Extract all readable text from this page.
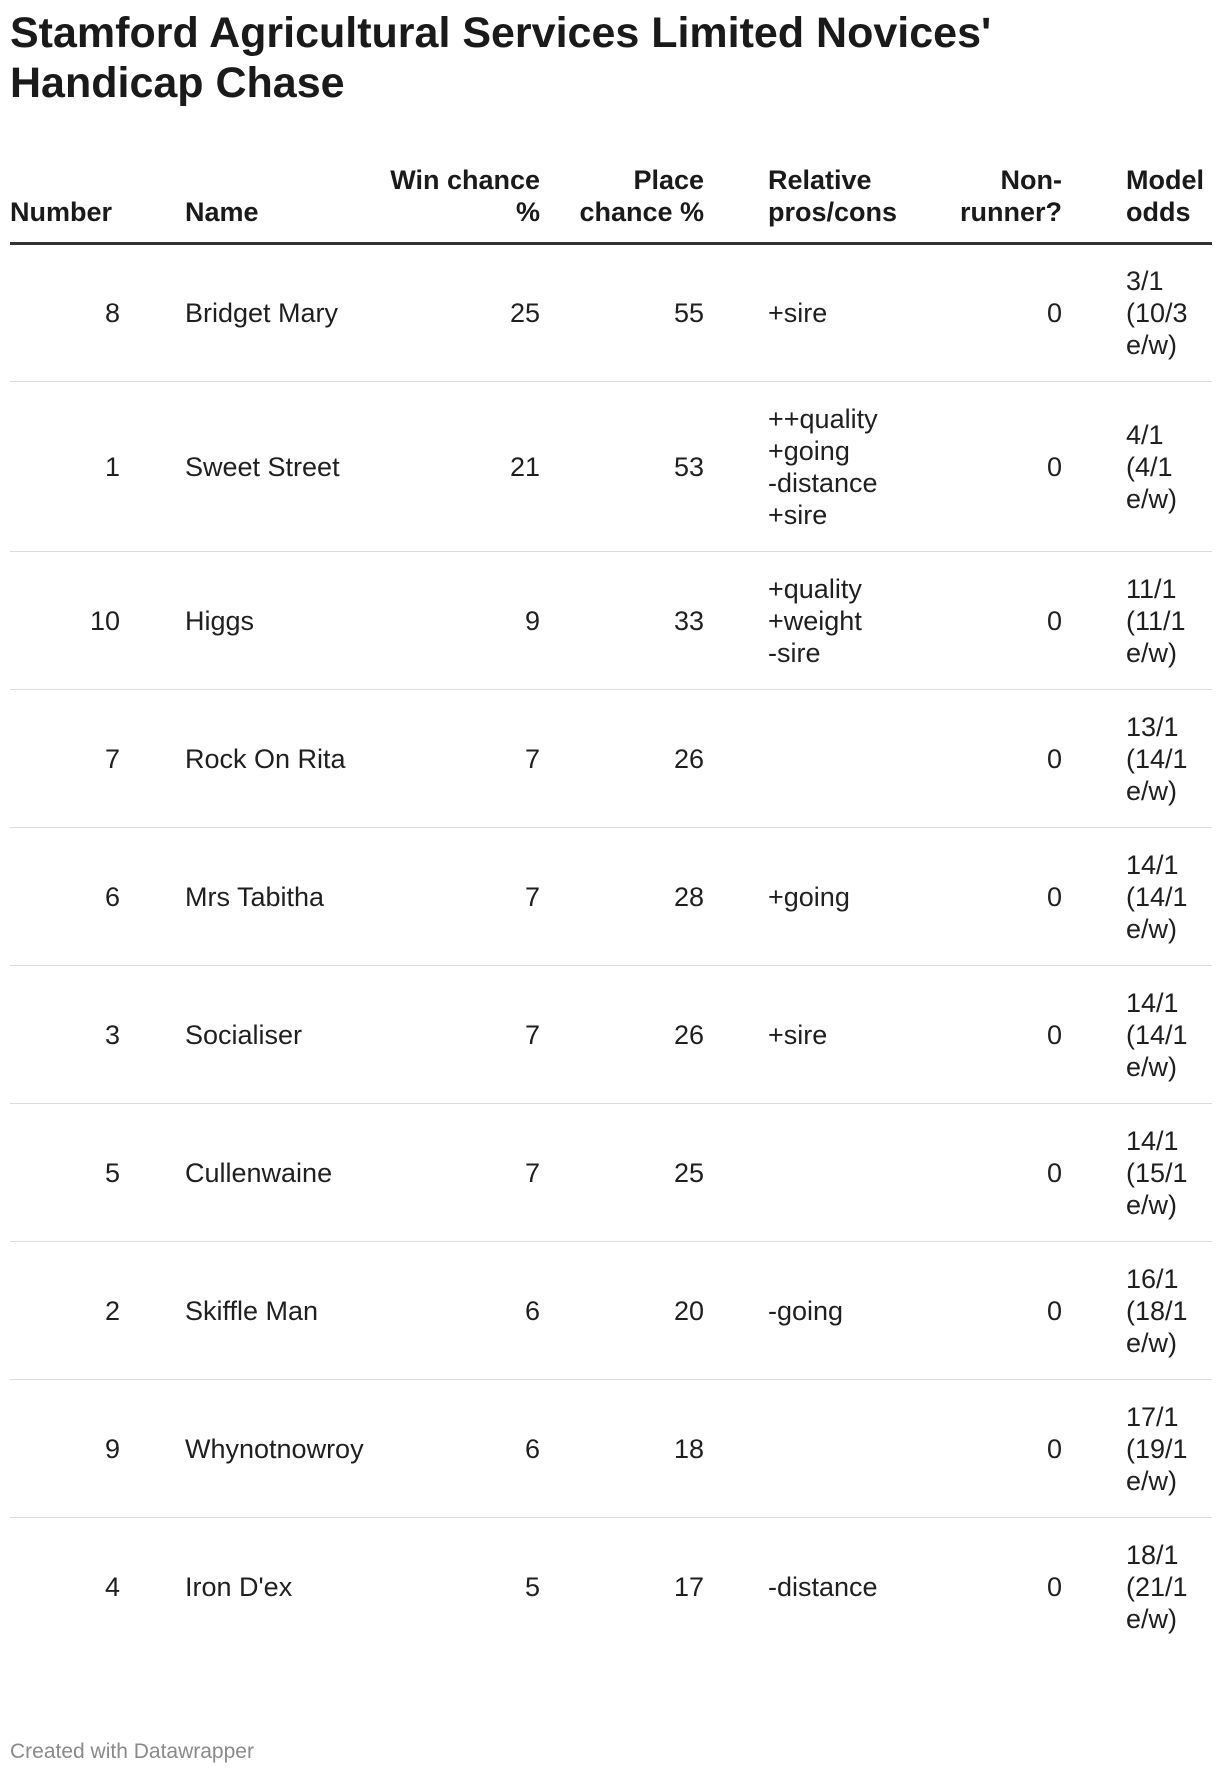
Stamford Agricultural Services Limited Novices' Handicap Chase
Number		Name	Win chance %	Place chance %		Relative pros/cons	Non-runner?		Model odds
8		Bridget Mary	25	55		+sire	0		3/1
(10/3
e/w)

1		Sweet Street	21	53		++quality
+going
-distance
+sire	0		4/1
(4/1
e/w)

10		Higgs	9	33		+quality
+weight
-sire	0		11/1
(11/1
e/w)

7		Rock On Rita	7	26			0		13/1
(14/1
e/w)

6		Mrs Tabitha	7	28		+going	0		14/1
(14/1
e/w)

3		Socialiser	7	26		+sire	0		14/1
(14/1
e/w)

5		Cullenwaine	7	25			0		14/1
(15/1
e/w)

2		Skiffle Man	6	20		-going	0		16/1
(18/1
e/w)

9		Whynotnowroy	6	18			0		17/1
(19/1
e/w)

4		Iron D'ex	5	17		-distance	0		18/1
(21/1
e/w)
Created with Datawrapper
